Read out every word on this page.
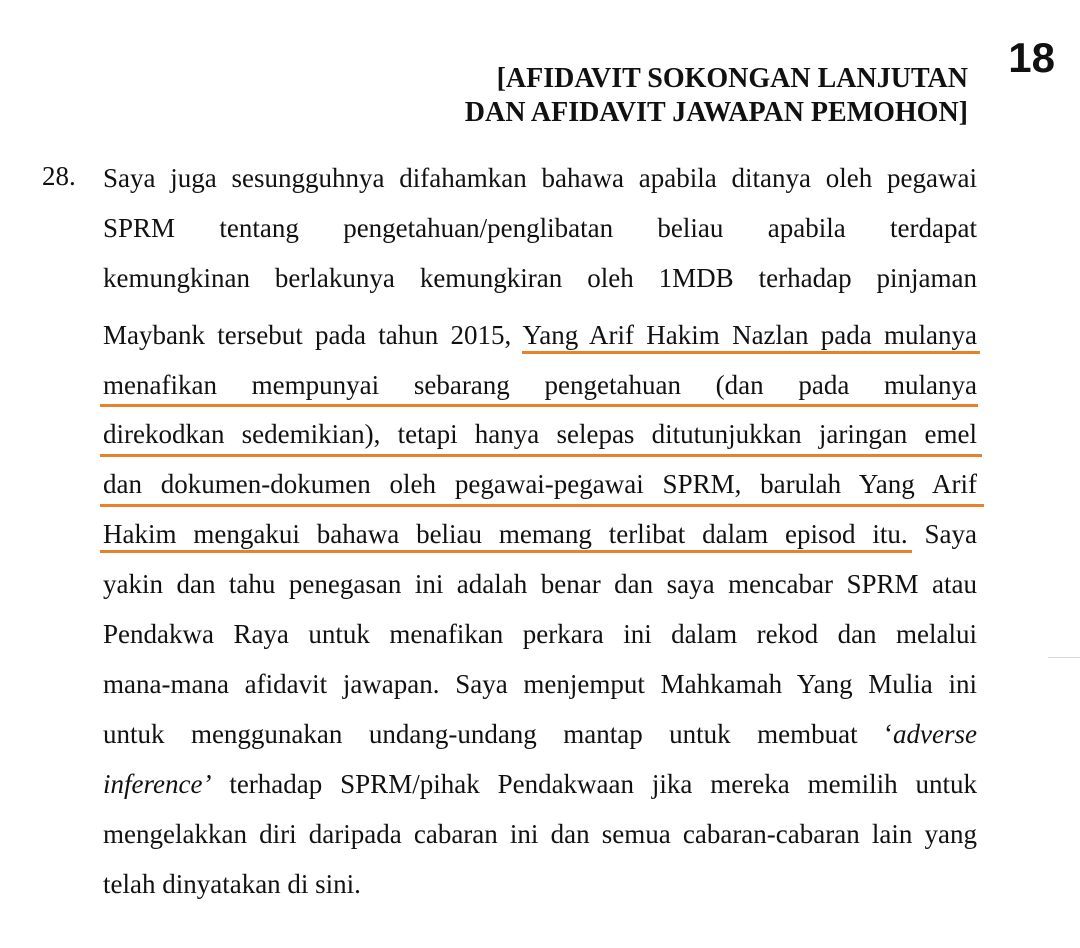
18
[AFIDAVIT SOKONGAN LANJUTAN
DAN AFIDAVIT JAWAPAN PEMOHON]
28. Saya juga sesungguhnya difahamkan bahawa apabila ditanya oleh pegawai
SPRM tentang pengetahuan/penglibatan beliau apabila terdapat
kemungkinan berlakunya kemungkiran oleh 1MDB terhadap pinjaman
Maybank tersebut pada tahun 2015, Yang Arif Hakim Nazlan pada mulanya
menafikan mempunyai sebarang pengetahuan (dan pada mulanya
direkodkan sedemikian), tetapi hanya selepas ditutunjukkan jaringan emel
dan dokumen-dokumen oleh pegawai-pegawai SPRM, barulah Yang Arif
Hakim mengakui bahawa beliau memang terlibat dalam episod itu. Saya
yakin dan tahu penegasan ini adalah benar dan saya mencabar SPRM atau
Pendakwa Raya untuk menafikan perkara ini dalam rekod dan melalui
mana-mana afidavit jawapan. Saya menjemput Mahkamah Yang Mulia ini
untuk menggunakan undang-undang mantap untuk membuat ‘adverse
inference’ terhadap SPRM/pihak Pendakwaan jika mereka memilih untuk
mengelakkan diri daripada cabaran ini dan semua cabaran-cabaran lain yang
telah dinyatakan di sini.
